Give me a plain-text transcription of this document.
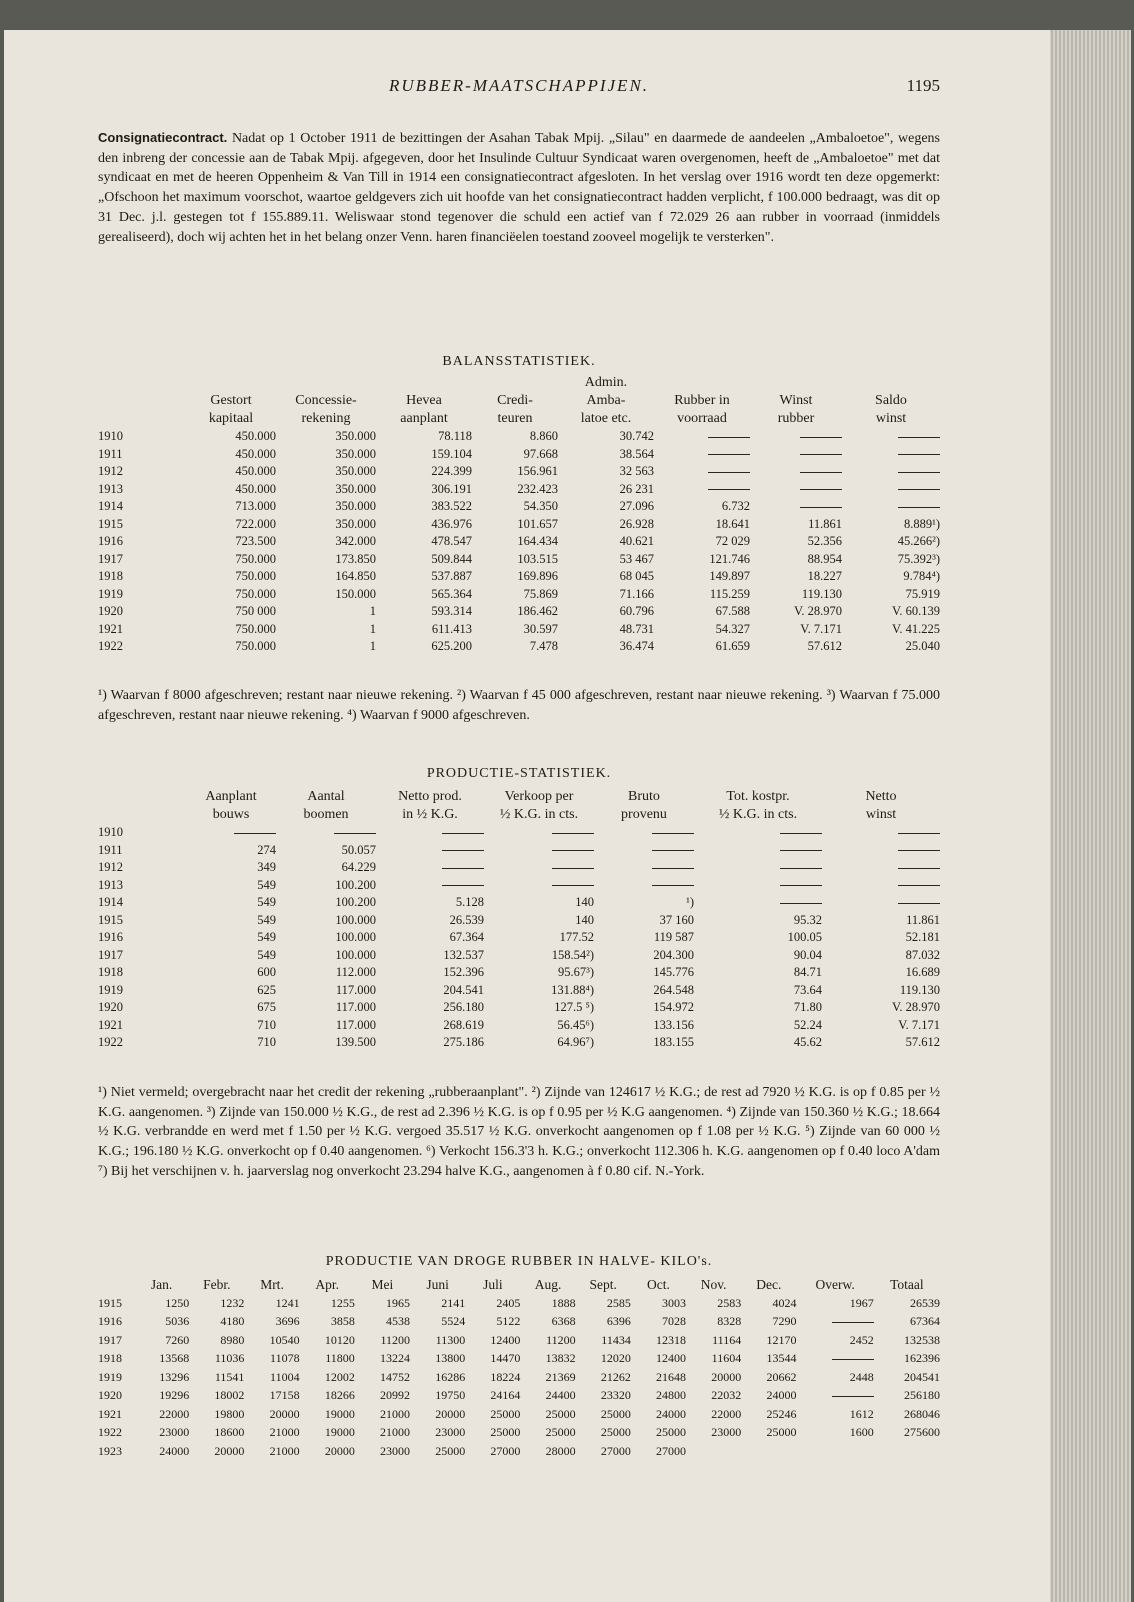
RUBBER-MAATSCHAPPIJEN.	1195

Consignatiecontract. Nadat op 1 October 1911 de bezittingen der Asahan Tabak Mpij. „Silau" en daarmede de aandeelen „Ambaloetoe", wegens den inbreng der concessie aan de Tabak Mpij. afgegeven, door het Insulinde Cultuur Syndicaat waren overgenomen, heeft de „Ambaloetoe" met dat syndicaat en met de heeren Oppenheim & Van Till in 1914 een consignatiecontract afgesloten. In het verslag over 1916 wordt ten deze opgemerkt: „Ofschoon het maximum voorschot, waartoe geldgevers zich uit hoofde van het consignatiecontract hadden verplicht, f 100.000 bedraagt, was dit op 31 Dec. j.l. gestegen tot f 155.889.11. Weliswaar stond tegenover die schuld een actief van f 72.029 26 aan rubber in voorraad (inmiddels gerealiseerd), doch wij achten het in het belang onzer Venn. haren financiëelen toestand zooveel mogelijk te versterken".

BALANSSTATISTIEK.
					Admin.			
	Gestort	Concessie-	Hevea	Credi-	Amba-	Rubber in	Winst	Saldo
	kapitaal	rekening	aanplant	teuren	latoe etc.	voorraad	rubber	winst
1910	450.000	350.000	78.118	8.860	30.742			
1911	450.000	350.000	159.104	97.668	38.564			
1912	450.000	350.000	224.399	156.961	32 563			
1913	450.000	350.000	306.191	232.423	26 231			
1914	713.000	350.000	383.522	54.350	27.096	6.732		
1915	722.000	350.000	436.976	101.657	26.928	18.641	11.861	8.889¹)
1916	723.500	342.000	478.547	164.434	40.621	72 029	52.356	45.266²)
1917	750.000	173.850	509.844	103.515	53 467	121.746	88.954	75.392³)
1918	750.000	164.850	537.887	169.896	68 045	149.897	18.227	9.784⁴)
1919	750.000	150.000	565.364	75.869	71.166	115.259	119.130	75.919
1920	750 000	1	593.314	186.462	60.796	67.588	V. 28.970	V. 60.139
1921	750.000	1	611.413	30.597	48.731	54.327	V. 7.171	V. 41.225
1922	750.000	1	625.200	7.478	36.474	61.659	57.612	25.040

¹) Waarvan f 8000 afgeschreven; restant naar nieuwe rekening. ²) Waarvan f 45 000 afgeschreven, restant naar nieuwe rekening. ³) Waarvan f 75.000 afgeschreven, restant naar nieuwe rekening. ⁴) Waarvan f 9000 afgeschreven.

PRODUCTIE-STATISTIEK.
	Aanplant	Aantal	Netto prod.	Verkoop per	Bruto	Tot. kostpr.	Netto
	bouws	boomen	in ½ K.G.	½ K.G. in cts.	provenu	½ K.G. in cts.	winst
1910							
1911	274	50.057					
1912	349	64.229					
1913	549	100.200					
1914	549	100.200	5.128	140	¹)		
1915	549	100.000	26.539	140	37 160	95.32	11.861
1916	549	100.000	67.364	177.52	119 587	100.05	52.181
1917	549	100.000	132.537	158.54²)	204.300	90.04	87.032
1918	600	112.000	152.396	95.67³)	145.776	84.71	16.689
1919	625	117.000	204.541	131.88⁴)	264.548	73.64	119.130
1920	675	117.000	256.180	127.5 ⁵)	154.972	71.80	V. 28.970
1921	710	117.000	268.619	56.45⁶)	133.156	52.24	V. 7.171
1922	710	139.500	275.186	64.96⁷)	183.155	45.62	57.612

¹) Niet vermeld; overgebracht naar het credit der rekening „rubberaanplant". ²) Zijnde van 124617 ½ K.G.; de rest ad 7920 ½ K.G. is op f 0.85 per ½ K.G. aangenomen. ³) Zijnde van 150.000 ½ K.G., de rest ad 2.396 ½ K.G. is op f 0.95 per ½ K.G aangenomen. ⁴) Zijnde van 150.360 ½ K.G.; 18.664 ½ K.G. verbrandde en werd met f 1.50 per ½ K.G. vergoed 35.517 ½ K.G. onverkocht aangenomen op f 1.08 per ½ K.G. ⁵) Zijnde van 60 000 ½ K.G.; 196.180 ½ K.G. onverkocht op f 0.40 aangenomen. ⁶) Verkocht 156.3'3 h. K.G.; onverkocht 112.306 h. K.G. aangenomen op f 0.40 loco A'dam ⁷) Bij het verschijnen v. h. jaarverslag nog onverkocht 23.294 halve K.G., aangenomen à f 0.80 cif. N.-York.

PRODUCTIE VAN DROGE RUBBER IN HALVE- KILO's.
	Jan.	Febr.	Mrt.	Apr.	Mei	Juni	Juli	Aug.	Sept.	Oct.	Nov.	Dec.	Overw.	Totaal
1915	1250	1232	1241	1255	1965	2141	2405	1888	2585	3003	2583	4024	1967	26539
1916	5036	4180	3696	3858	4538	5524	5122	6368	6396	7028	8328	7290		67364
1917	7260	8980	10540	10120	11200	11300	12400	11200	11434	12318	11164	12170	2452	132538
1918	13568	11036	11078	11800	13224	13800	14470	13832	12020	12400	11604	13544		162396
1919	13296	11541	11004	12002	14752	16286	18224	21369	21262	21648	20000	20662	2448	204541
1920	19296	18002	17158	18266	20992	19750	24164	24400	23320	24800	22032	24000		256180
1921	22000	19800	20000	19000	21000	20000	25000	25000	25000	24000	22000	25246	1612	268046
1922	23000	18600	21000	19000	21000	23000	25000	25000	25000	25000	23000	25000	1600	275600
1923	24000	20000	21000	20000	23000	25000	27000	28000	27000	27000				
